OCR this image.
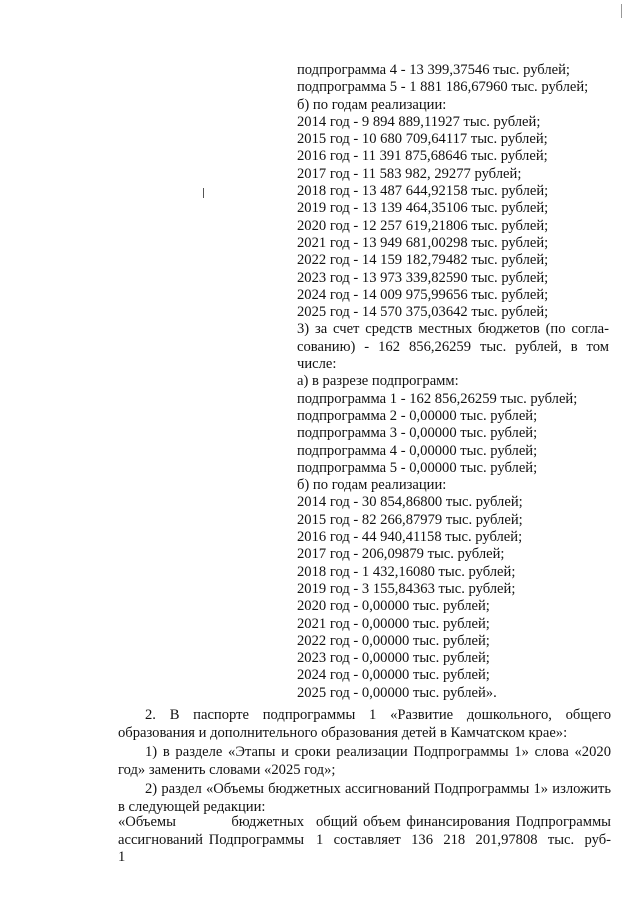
подпрограмма 4 - 13 399,37546 тыс. рублей;
подпрограмма 5 - 1 881 186,67960 тыс. рублей;
б) по годам реализации:
2014 год - 9 894 889,11927 тыс. рублей;
2015 год - 10 680 709,64117 тыс. рублей;
2016 год - 11 391 875,68646 тыс. рублей;
2017 год - 11 583 982, 29277 рублей;
2018 год - 13 487 644,92158 тыс. рублей;
2019 год - 13 139 464,35106 тыс. рублей;
2020 год - 12 257 619,21806 тыс. рублей;
2021 год - 13 949 681,00298 тыс. рублей;
2022 год - 14 159 182,79482 тыс. рублей;
2023 год - 13 973 339,82590 тыс. рублей;
2024 год - 14 009 975,99656 тыс. рублей;
2025 год - 14 570 375,03642 тыс. рублей;
3) за счет средств местных бюджетов (по согла-
сованию) - 162 856,26259 тыс. рублей, в том
числе:
а) в разрезе подпрограмм:
подпрограмма 1 - 162 856,26259 тыс. рублей;
подпрограмма 2 - 0,00000 тыс. рублей;
подпрограмма 3 - 0,00000 тыс. рублей;
подпрограмма 4 - 0,00000 тыс. рублей;
подпрограмма 5 - 0,00000 тыс. рублей;
б) по годам реализации:
2014 год - 30 854,86800 тыс. рублей;
2015 год - 82 266,87979 тыс. рублей;
2016 год - 44 940,41158 тыс. рублей;
2017 год - 206,09879 тыс. рублей;
2018 год - 1 432,16080 тыс. рублей;
2019 год - 3 155,84363 тыс. рублей;
2020 год - 0,00000 тыс. рублей;
2021 год - 0,00000 тыс. рублей;
2022 год - 0,00000 тыс. рублей;
2023 год - 0,00000 тыс. рублей;
2024 год - 0,00000 тыс. рублей;
2025 год - 0,00000 тыс. рублей».

2. В паспорте подпрограммы 1 «Развитие дошкольного, общего образования и дополнительного образования детей в Камчатском крае»:

1) в разделе «Этапы и сроки реализации Подпрограммы 1» слова «2020 год» заменить словами «2025 год»;

2) раздел «Объемы бюджетных ассигнований Подпрограммы 1» изложить в следующей редакции:

«Объемы бюджетных ассигнований Подпрограммы 1
общий объем финансирования Подпрограммы 1 составляет 136 218 201,97808 тыс. руб-
